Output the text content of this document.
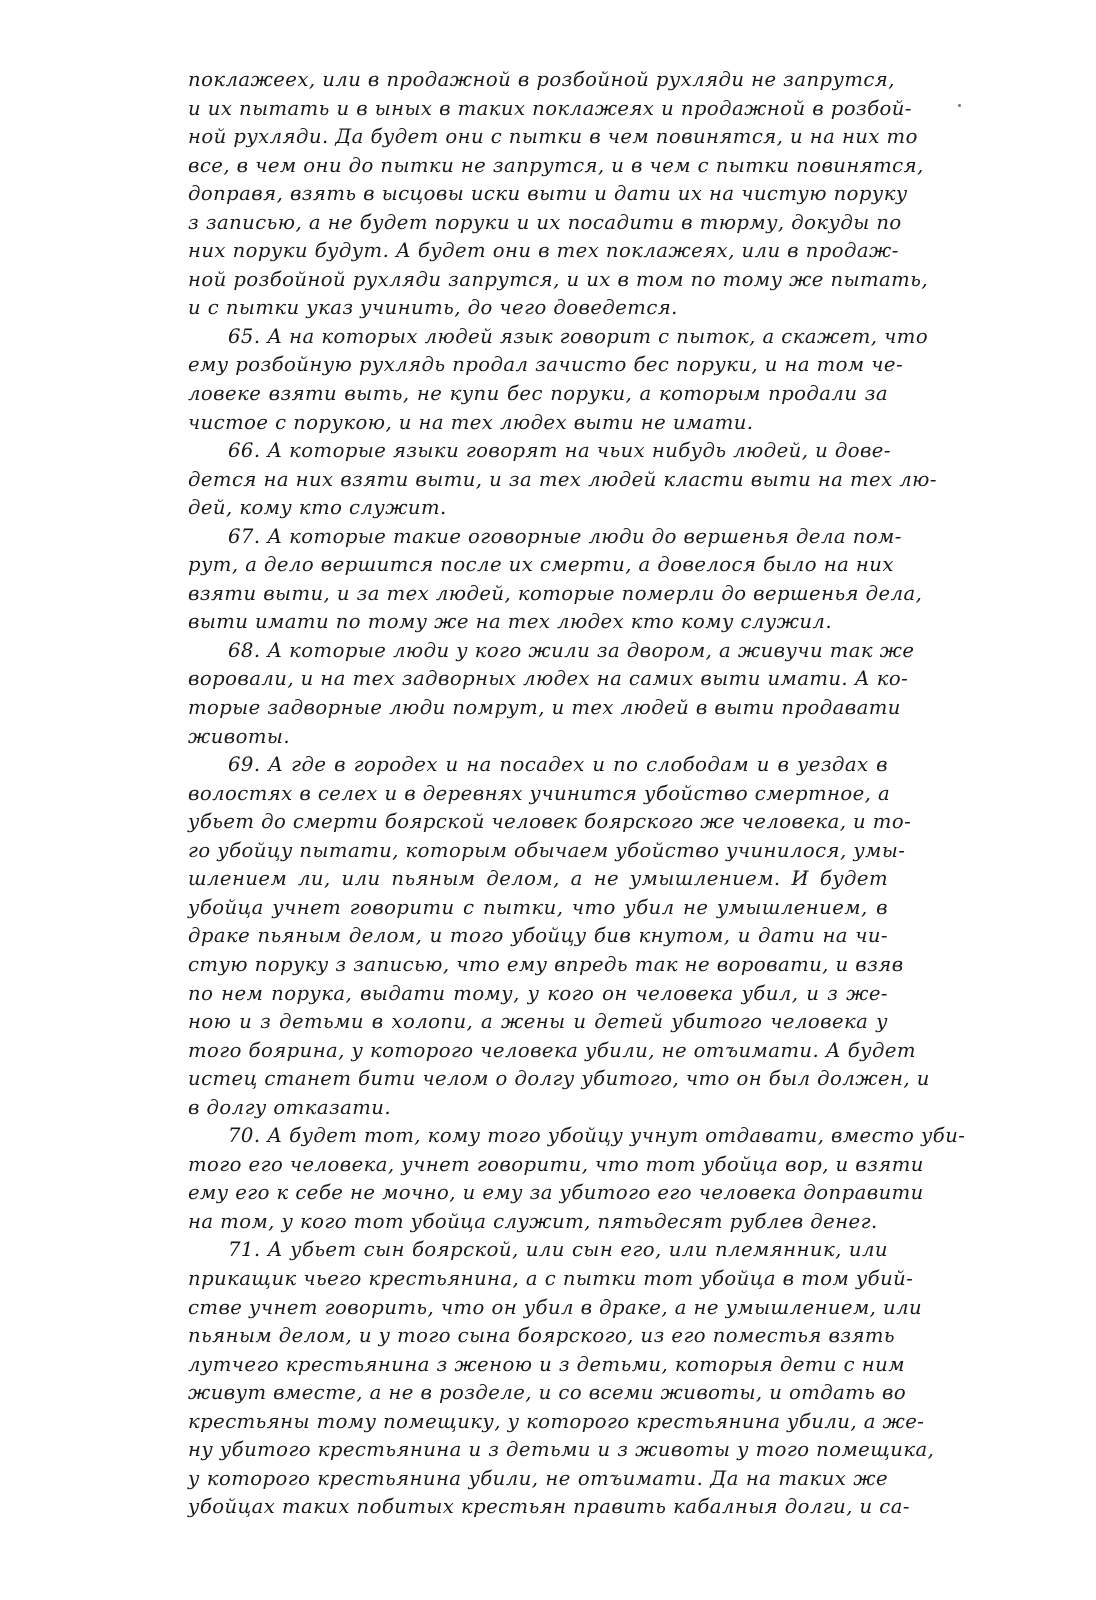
поклажеех, или в продажной в розбойной рухляди не запрутся,
и их пытать и в ыных в таких поклажеях и продажной в розбой-
ной рухляди. Да будет они с пытки в чем повинятся, и на них то
все, в чем они до пытки не запрутся, и в чем с пытки повинятся,
доправя, взять в ысцовы иски выти и дати их на чистую поруку
з записью, а не будет поруки и их посадити в тюрму, докуды по
них поруки будут. А будет они в тех поклажеях, или в продаж-
ной розбойной рухляди запрутся, и их в том по тому же пытать,
и с пытки указ учинить, до чего доведется.
65. А на которых людей язык говорит с пыток, а скажет, что
ему розбойную рухлядь продал зачисто бес поруки, и на том че-
ловеке взяти выть, не купи бес поруки, а которым продали за
чистое с порукою, и на тех людех выти не имати.
66. А которые языки говорят на чьих нибудь людей, и дове-
дется на них взяти выти, и за тех людей класти выти на тех лю-
дей, кому кто служит.
67. А которые такие оговорные люди до вершенья дела пом-
рут, а дело вершится после их смерти, а довелося было на них
взяти выти, и за тех людей, которые померли до вершенья дела,
выти имати по тому же на тех людех кто кому служил.
68. А которые люди у кого жили за двором, а живучи так же
воровали, и на тех задворных людех на самих выти имати. А ко-
торые задворные люди помрут, и тех людей в выти продавати
животы.
69. А где в городех и на посадех и по слободам и в уездах в
волостях в селех и в деревнях учинится убойство смертное, а
убьет до смерти боярской человек боярского же человека, и то-
го убойцу пытати, которым обычаем убойство учинилося, умы-
шлением ли, или пьяным делом, а не умышлением. И будет
убойца учнет говорити с пытки, что убил не умышлением, в
драке пьяным делом, и того убойцу бив кнутом, и дати на чи-
стую поруку з записью, что ему впредь так не воровати, и взяв
по нем порука, выдати тому, у кого он человека убил, и з же-
ною и з детьми в холопи, а жены и детей убитого человека у
того боярина, у которого человека убили, не отъимати. А будет
истец станет бити челом о долгу убитого, что он был должен, и
в долгу отказати.
70. А будет тот, кому того убойцу учнут отдавати, вместо уби-
того его человека, учнет говорити, что тот убойца вор, и взяти
ему его к себе не мочно, и ему за убитого его человека доправити
на том, у кого тот убойца служит, пятьдесят рублев денег.
71. А убьет сын боярской, или сын его, или племянник, или
прикащик чьего крестьянина, а с пытки тот убойца в том убий-
стве учнет говорить, что он убил в драке, а не умышлением, или
пьяным делом, и у того сына боярского, из его поместья взять
лутчего крестьянина з женою и з детьми, которыя дети с ним
живут вместе, а не в розделе, и со всеми животы, и отдать во
крестьяны тому помещику, у которого крестьянина убили, а же-
ну убитого крестьянина и з детьми и з животы у того помещика,
у которого крестьянина убили, не отъимати. Да на таких же
убойцах таких побитых крестьян править кабалныя долги, и са-
